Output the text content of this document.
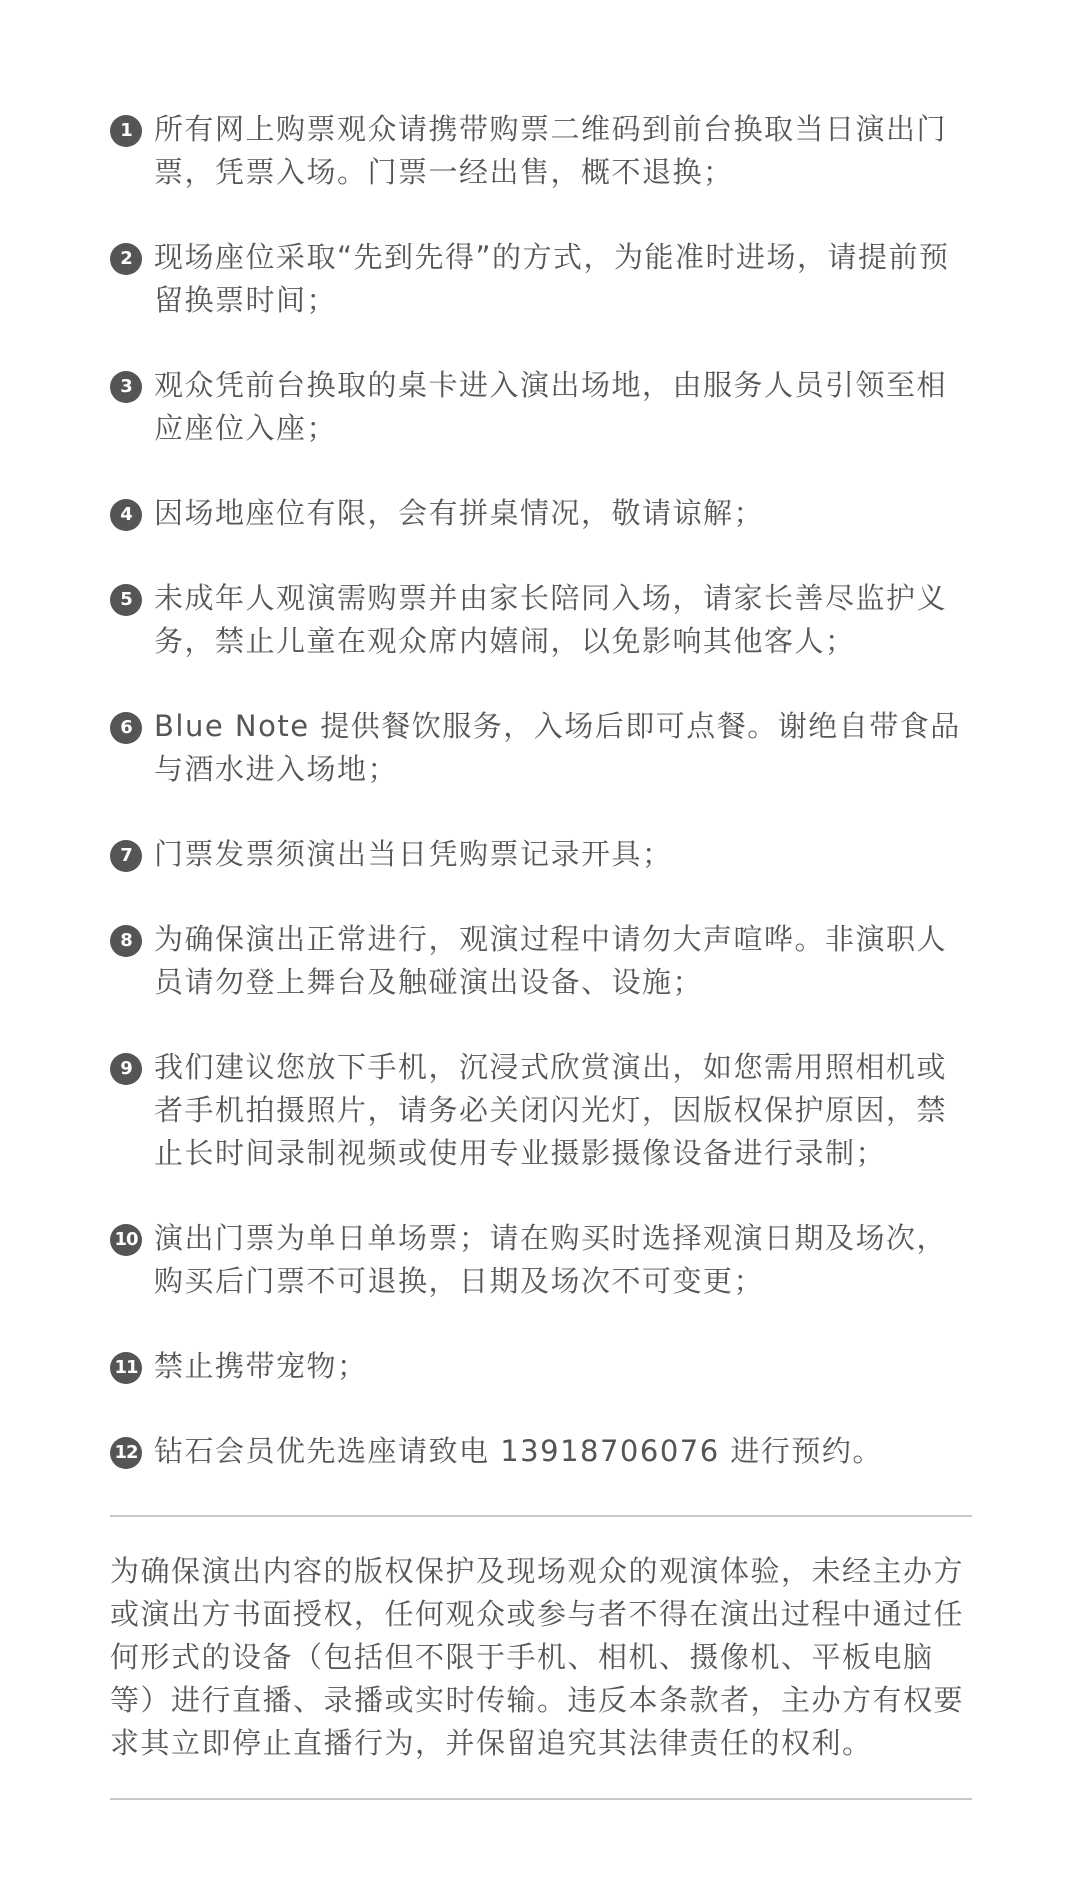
1 所有网上购票观众请携带购票二维码到前台换取当日演出门票，凭票入场。门票一经出售，概不退换；
2 现场座位采取“先到先得”的方式，为能准时进场，请提前预留换票时间；
3 观众凭前台换取的桌卡进入演出场地，由服务人员引领至相应座位入座；
4 因场地座位有限，会有拼桌情况，敬请谅解；
5 未成年人观演需购票并由家长陪同入场，请家长善尽监护义务，禁止儿童在观众席内嬉闹，以免影响其他客人；
6 Blue Note 提供餐饮服务，入场后即可点餐。谢绝自带食品与酒水进入场地；
7 门票发票须演出当日凭购票记录开具；
8 为确保演出正常进行，观演过程中请勿大声喧哗。非演职人员请勿登上舞台及触碰演出设备、设施；
9 我们建议您放下手机，沉浸式欣赏演出，如您需用照相机或者手机拍摄照片，请务必关闭闪光灯，因版权保护原因，禁止长时间录制视频或使用专业摄影摄像设备进行录制；
10 演出门票为单日单场票；请在购买时选择观演日期及场次，购买后门票不可退换，日期及场次不可变更；
11 禁止携带宠物；
12 钻石会员优先选座请致电 13918706076 进行预约。

为确保演出内容的版权保护及现场观众的观演体验，未经主办方或演出方书面授权，任何观众或参与者不得在演出过程中通过任何形式的设备（包括但不限于手机、相机、摄像机、平板电脑等）进行直播、录播或实时传输。违反本条款者，主办方有权要求其立即停止直播行为，并保留追究其法律责任的权利。
